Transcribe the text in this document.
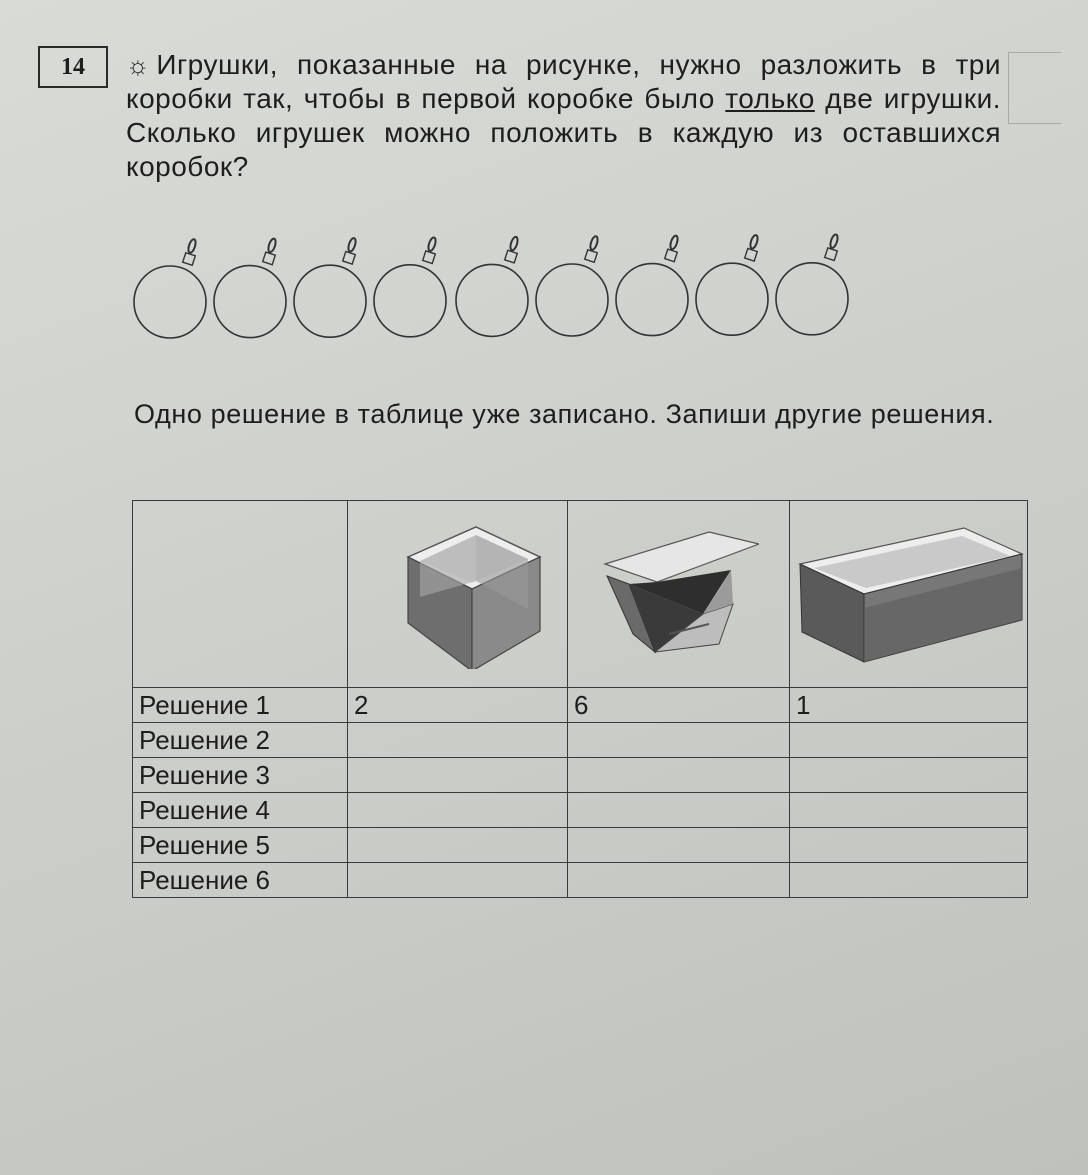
14	☼ Игрушки, показанные на рисунке, нужно разложить в три коробки так, чтобы в первой коробке было только две игрушки. Сколько игрушек можно положить в каждую из оставшихся коробок?
Одно решение в таблице уже записано. Запиши другие решения.

Решение 1	2	6	1
Решение 2			
Решение 3			
Решение 4			
Решение 5			
Решение 6			
